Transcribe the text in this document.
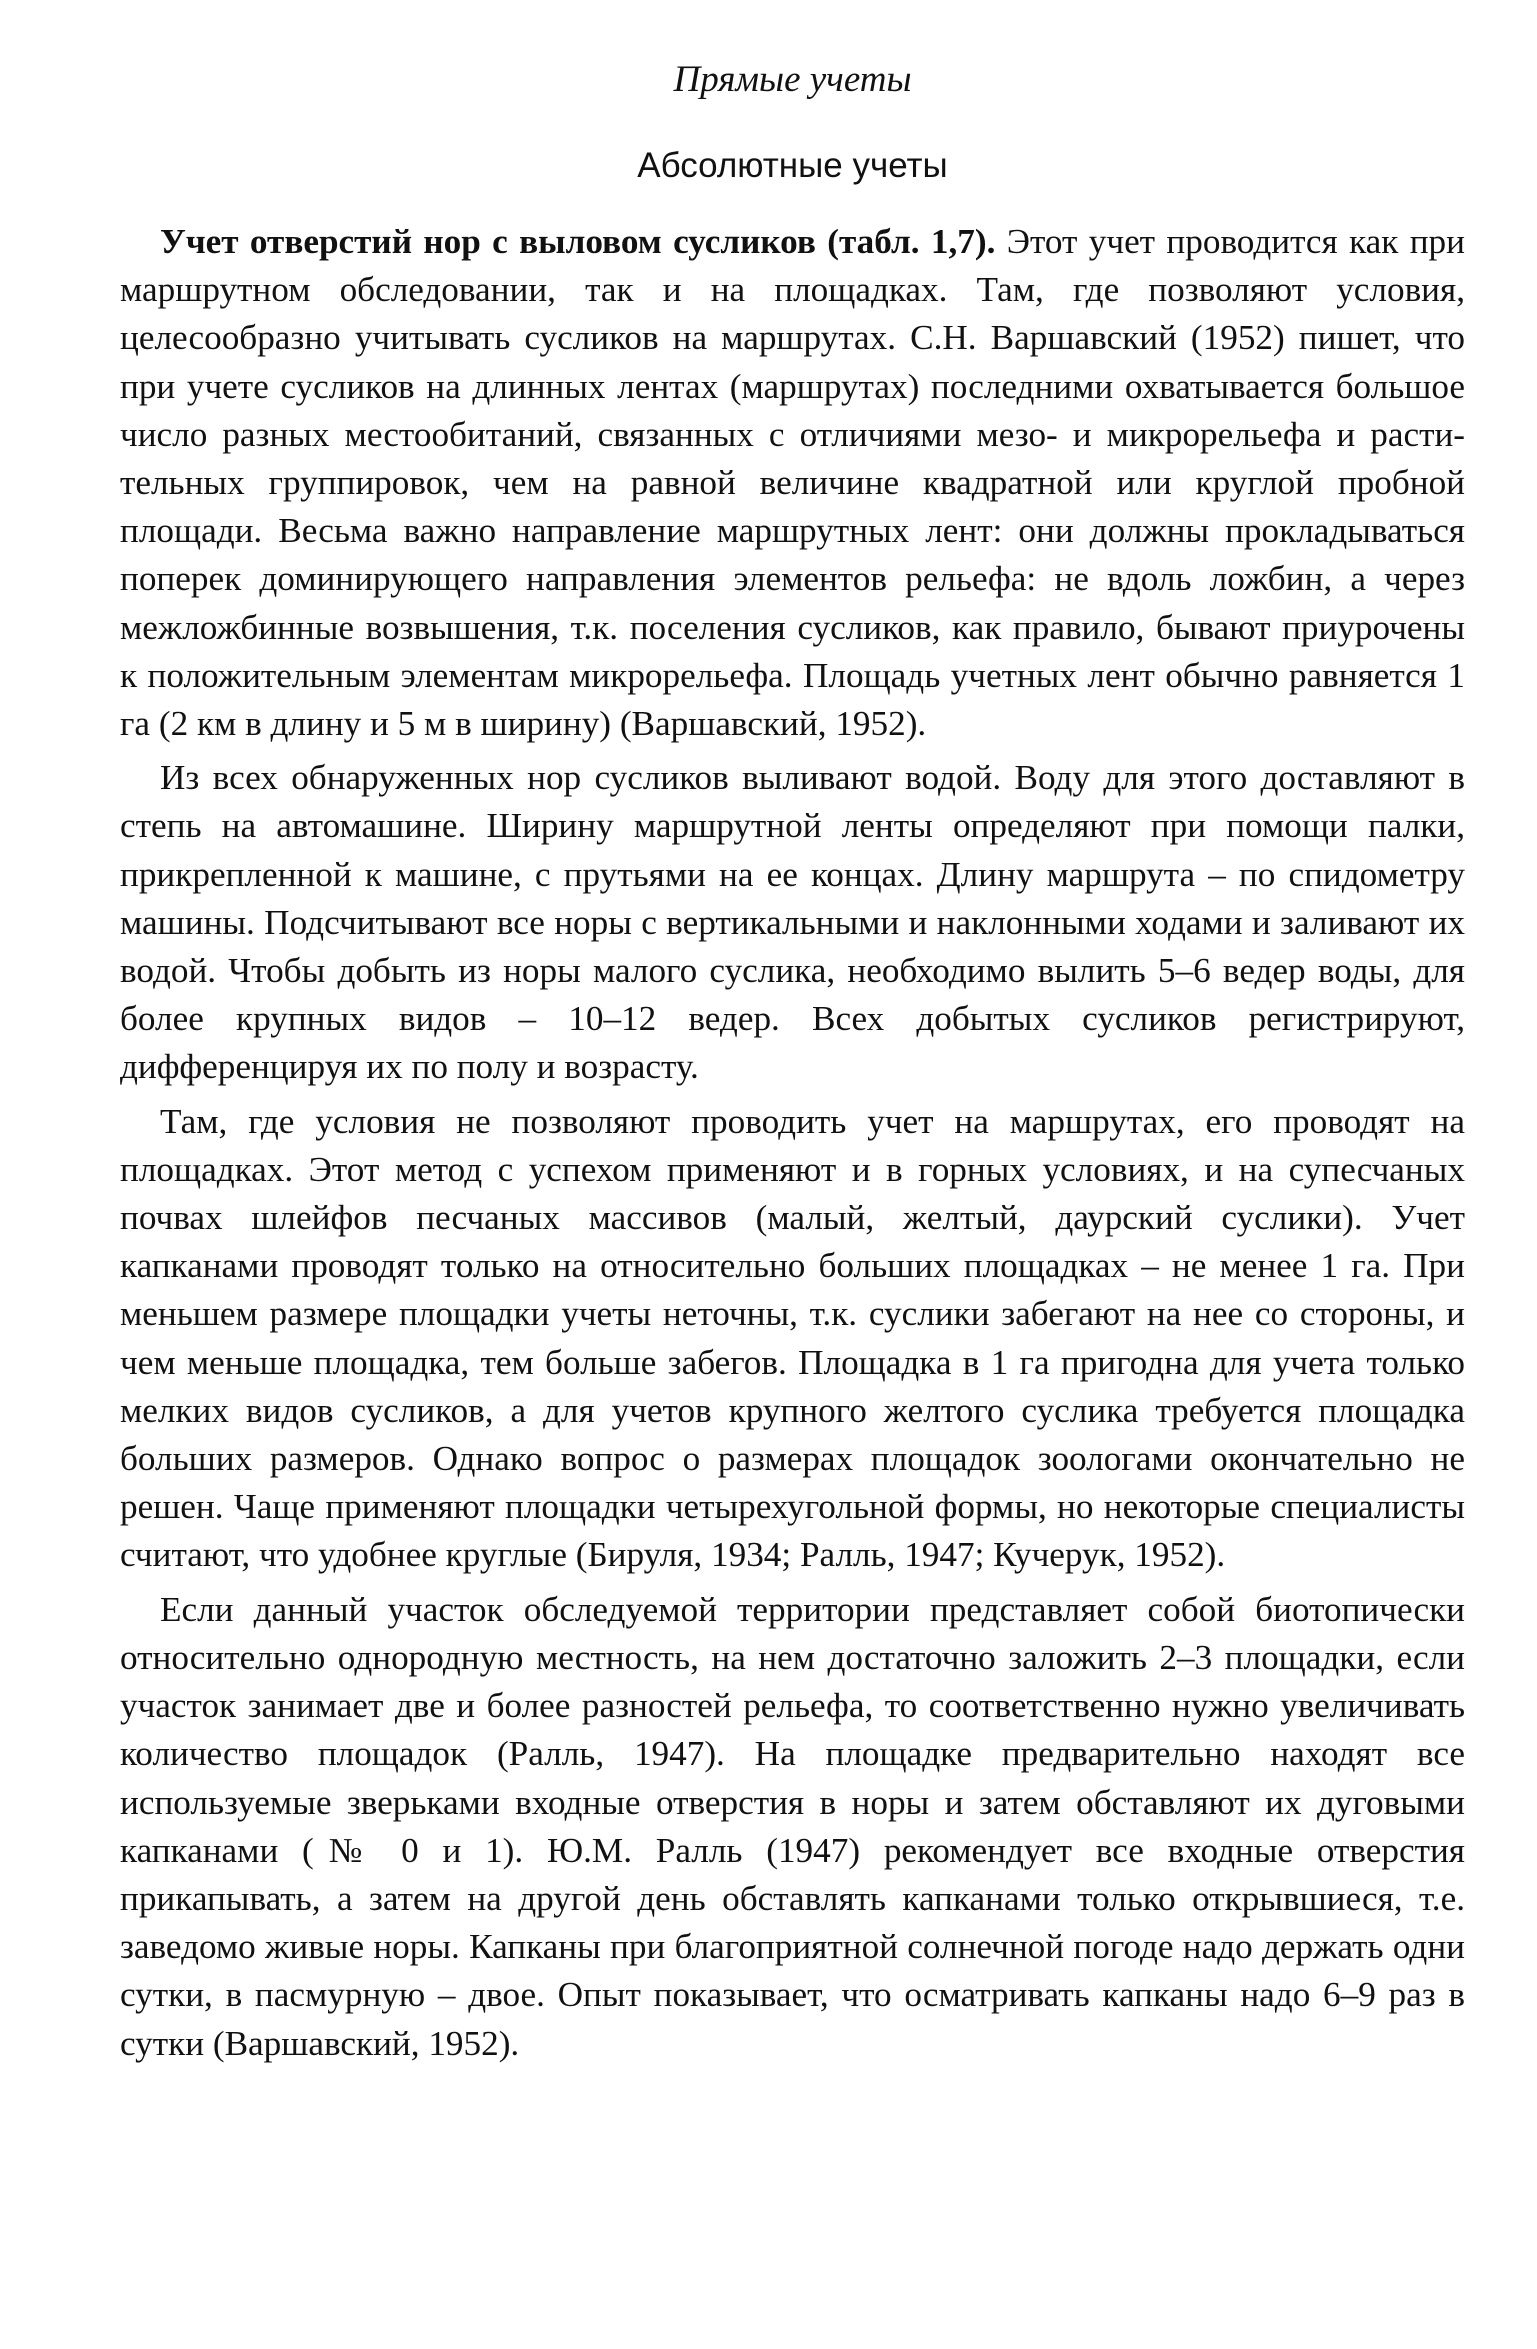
Прямые учеты
Абсолютные учеты

Учет отверстий нор с выловом сусликов (табл. 1,7). Этот учет проводится как при маршрутном обследовании, так и на площадках. Там, где позволяют условия, целесообразно учитывать сусликов на маршрутах. С.Н. Варшавский (1952) пишет, что при учете сусликов на длинных лентах (маршрутах) последними охватывается большое число разных местообитаний, связанных с отличиями мезо- и микрорельефа и растительных группировок, чем на равной величине квадратной или круглой пробной площади. Весьма важно направление маршрутных лент: они должны прокладываться поперек доминирующего направления элементов рельефа: не вдоль ложбин, а через межложбинные возвышения, т.к. поселения сусликов, как правило, бывают приурочены к положительным элементам микрорельефа. Площадь учетных лент обычно равняется 1 га (2 км в длину и 5 м в ширину) (Варшавский, 1952).

Из всех обнаруженных нор сусликов выливают водой. Воду для этого доставляют в степь на автомашине. Ширину маршрутной ленты определяют при помощи палки, прикрепленной к машине, с прутьями на ее концах. Длину маршрута – по спидометру машины. Подсчитывают все норы с вертикальными и наклонными ходами и заливают их водой. Чтобы добыть из норы малого суслика, необходимо вылить 5–6 ведер воды, для более крупных видов – 10–12 ведер. Всех добытых сусликов регистрируют, дифференцируя их по полу и возрасту.

Там, где условия не позволяют проводить учет на маршрутах, его проводят на площадках. Этот метод с успехом применяют и в горных условиях, и на супесчаных почвах шлейфов песчаных массивов (малый, желтый, даурский суслики). Учет капканами проводят только на относительно больших площадках – не менее 1 га. При меньшем размере площадки учеты неточны, т.к. суслики забегают на нее со стороны, и чем меньше площадка, тем больше забегов. Площадка в 1 га пригодна для учета только мелких видов сусликов, а для учетов крупного желтого суслика требуется площадка больших размеров. Однако вопрос о размерах площадок зоологами окончательно не решен. Чаще применяют площадки четырехугольной формы, но некоторые специалисты считают, что удобнее круглые (Бируля, 1934; Ралль, 1947; Кучерук, 1952).

Если данный участок обследуемой территории представляет собой биотопически относительно однородную местность, на нем достаточно заложить 2–3 площадки, если участок занимает две и более разностей рельефа, то соответственно нужно увеличивать количество площадок (Ралль, 1947). На площадке предварительно находят все используемые зверьками входные отверстия в норы и затем обставляют их дуговыми капканами (№ 0 и 1). Ю.М. Ралль (1947) рекомендует все входные отверстия прикапывать, а затем на другой день обставлять капканами только открывшиеся, т.е. заведомо живые норы. Капканы при благоприятной солнечной погоде надо держать одни сутки, в пасмурную – двое. Опыт показывает, что осматривать капканы надо 6–9 раз в сутки (Варшавский, 1952).
